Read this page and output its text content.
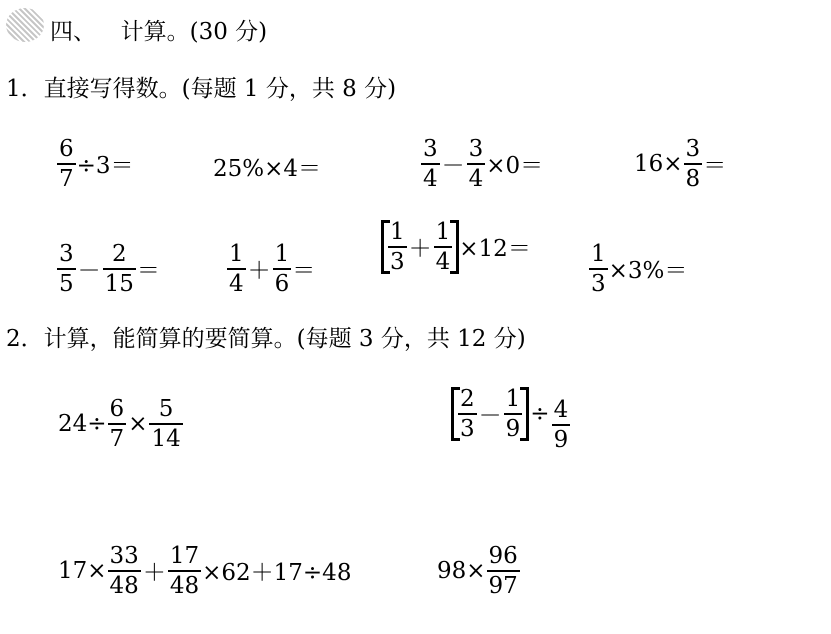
四、 计算。(30 分)
1．直接写得数。(每题 1 分，共 8 分)
$\frac{6}{7} \div 3=$	25%×4＝	$\frac{3}{4} - \frac{3}{4} \times 0=$	$16\times \frac{3}{8}$ ＝
$\frac{3}{5} - \frac{2}{15}$ ＝	$\frac{1}{4} + \frac{1}{6}$ ＝	$\frac{1}{3} + \frac{1}{4} \times 12=$	$\frac{1}{3} \times 3\%=$
2．计算，能简算的要简算。(每题 3 分，共 12 分)
$24\div \frac{6}{7} \times \frac{5}{14}$	$\frac{2}{3} - \frac{1}{9} \div \frac{4}{9}$
$17\times \frac{33}{48} + \frac{17}{48} \times 62+17\div 48$	$98\times \frac{96}{97}$
